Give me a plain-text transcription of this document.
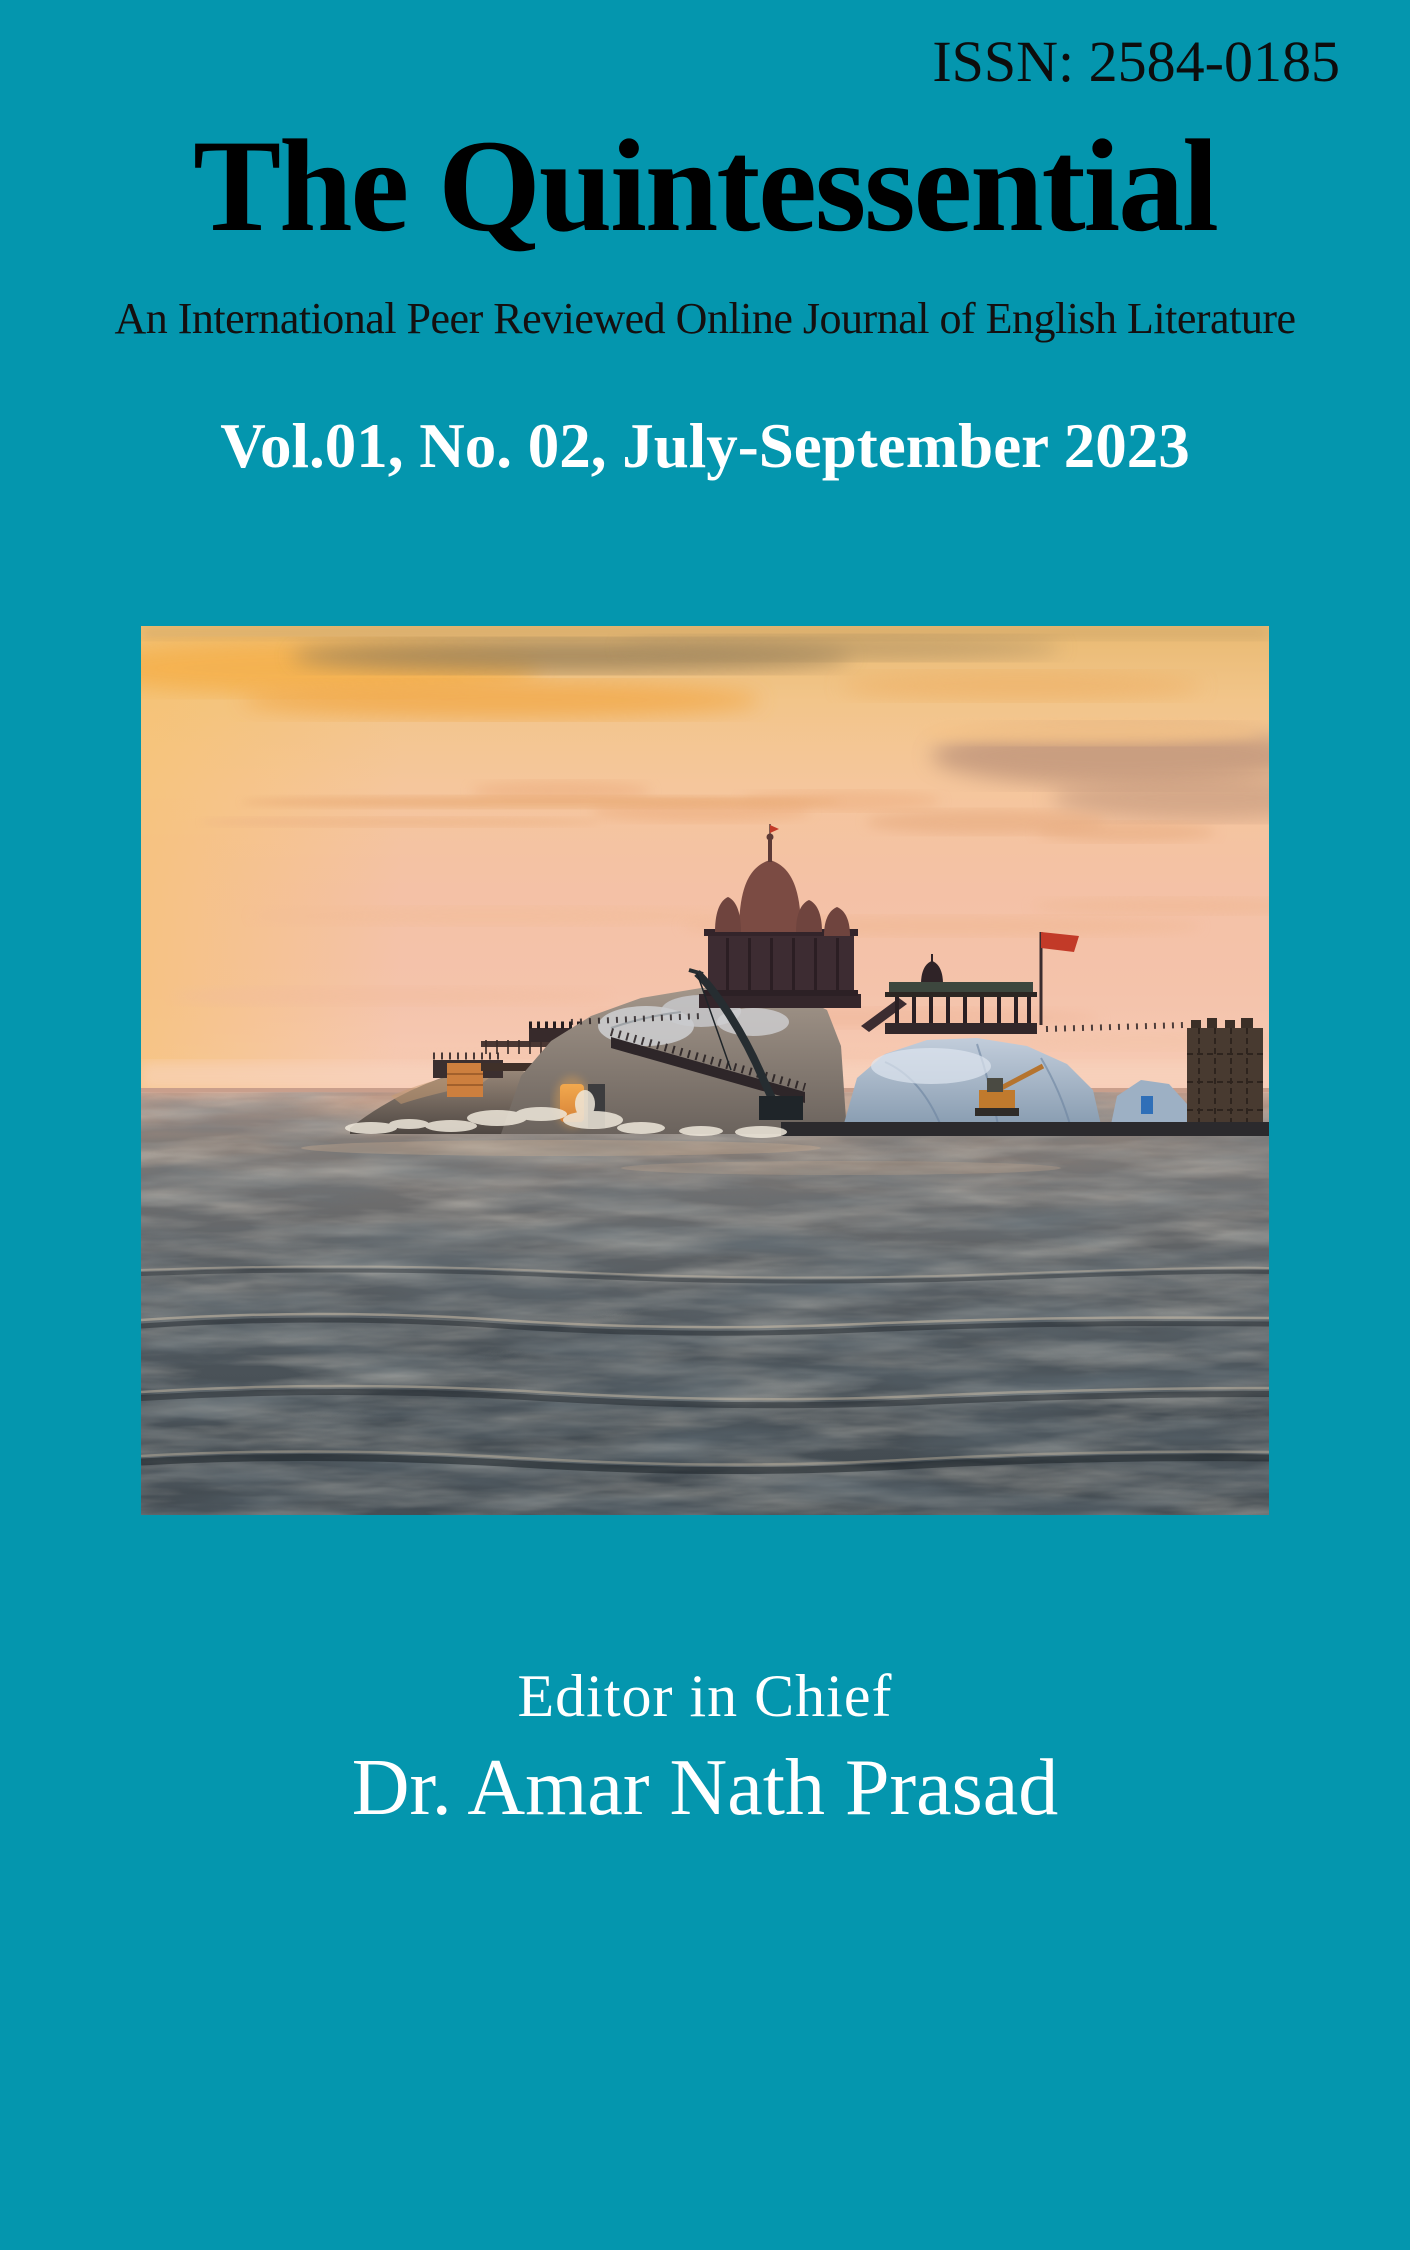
ISSN: 2584-0185
The Quintessential
An International Peer Reviewed Online Journal of English Literature
Vol.01, No. 02, July-September 2023
Editor in Chief
Dr. Amar Nath Prasad
